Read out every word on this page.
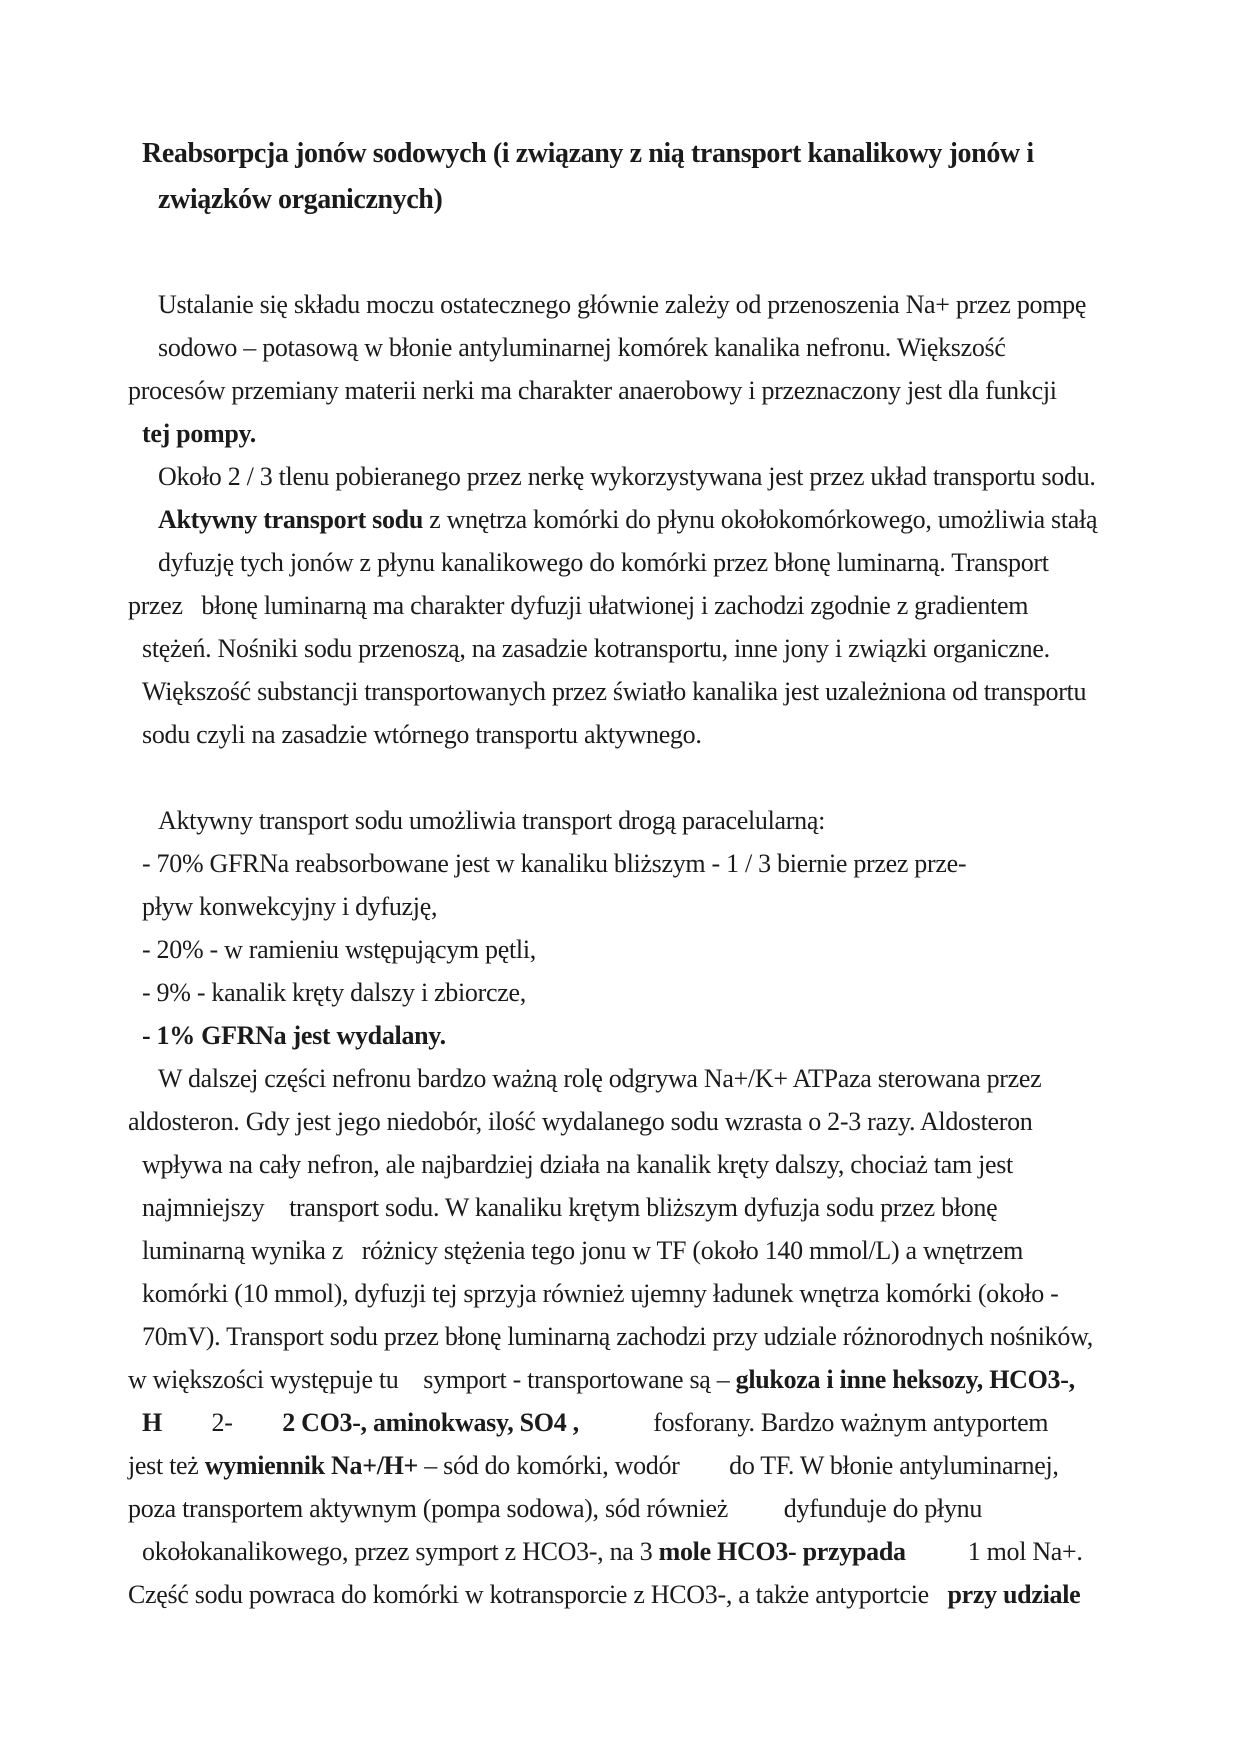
Reabsorpcja jonów sodowych (i związany z nią transport kanalikowy jonów i
związków organicznych)
Ustalanie się składu moczu ostatecznego głównie zależy od przenoszenia Na+ przez pompę
sodowo – potasową w błonie antyluminarnej komórek kanalika nefronu. Większość
procesów przemiany materii nerki ma charakter anaerobowy i przeznaczony jest dla funkcji
tej pompy.
Około 2 / 3 tlenu pobieranego przez nerkę wykorzystywana jest przez układ transportu sodu.
Aktywny transport sodu z wnętrza komórki do płynu okołokomórkowego, umożliwia stałą
dyfuzję tych jonów z płynu kanalikowego do komórki przez błonę luminarną. Transport
przez   błonę luminarną ma charakter dyfuzji ułatwionej i zachodzi zgodnie z gradientem
stężeń. Nośniki sodu przenoszą, na zasadzie kotransportu, inne jony i związki organiczne.
Większość substancji transportowanych przez światło kanalika jest uzależniona od transportu
sodu czyli na zasadzie wtórnego transportu aktywnego.
Aktywny transport sodu umożliwia transport drogą paracelularną:
- 70% GFRNa reabsorbowane jest w kanaliku bliższym - 1 / 3 biernie przez prze-
pływ konwekcyjny i dyfuzję,
- 20% - w ramieniu wstępującym pętli,
- 9% - kanalik kręty dalszy i zbiorcze,
- 1% GFRNa jest wydalany.
W dalszej części nefronu bardzo ważną rolę odgrywa Na+/K+ ATPaza sterowana przez
aldosteron. Gdy jest jego niedobór, ilość wydalanego sodu wzrasta o 2-3 razy. Aldosteron
wpływa na cały nefron, ale najbardziej działa na kanalik kręty dalszy, chociaż tam jest
najmniejszy    transport sodu. W kanaliku krętym bliższym dyfuzja sodu przez błonę
luminarną wynika z   różnicy stężenia tego jonu w TF (około 140 mmol/L) a wnętrzem
komórki (10 mmol), dyfuzji tej sprzyja również ujemny ładunek wnętrza komórki (około -
70mV). Transport sodu przez błonę luminarną zachodzi przy udziale różnorodnych nośników,
w większości występuje tu    symport - transportowane są – glukoza i inne heksozy, HCO3-,
H        2-        2 CO3-, aminokwasy, SO4 ,            fosforany. Bardzo ważnym antyportem
jest też wymiennik Na+/H+ – sód do komórki, wodór        do TF. W błonie antyluminarnej,
poza transportem aktywnym (pompa sodowa), sód również         dyfunduje do płynu
okołokanalikowego, przez symport z HCO3-, na 3 mole HCO3- przypada          1 mol Na+.
Część sodu powraca do komórki w kotransporcie z HCO3-, a także antyportcie   przy udziale
